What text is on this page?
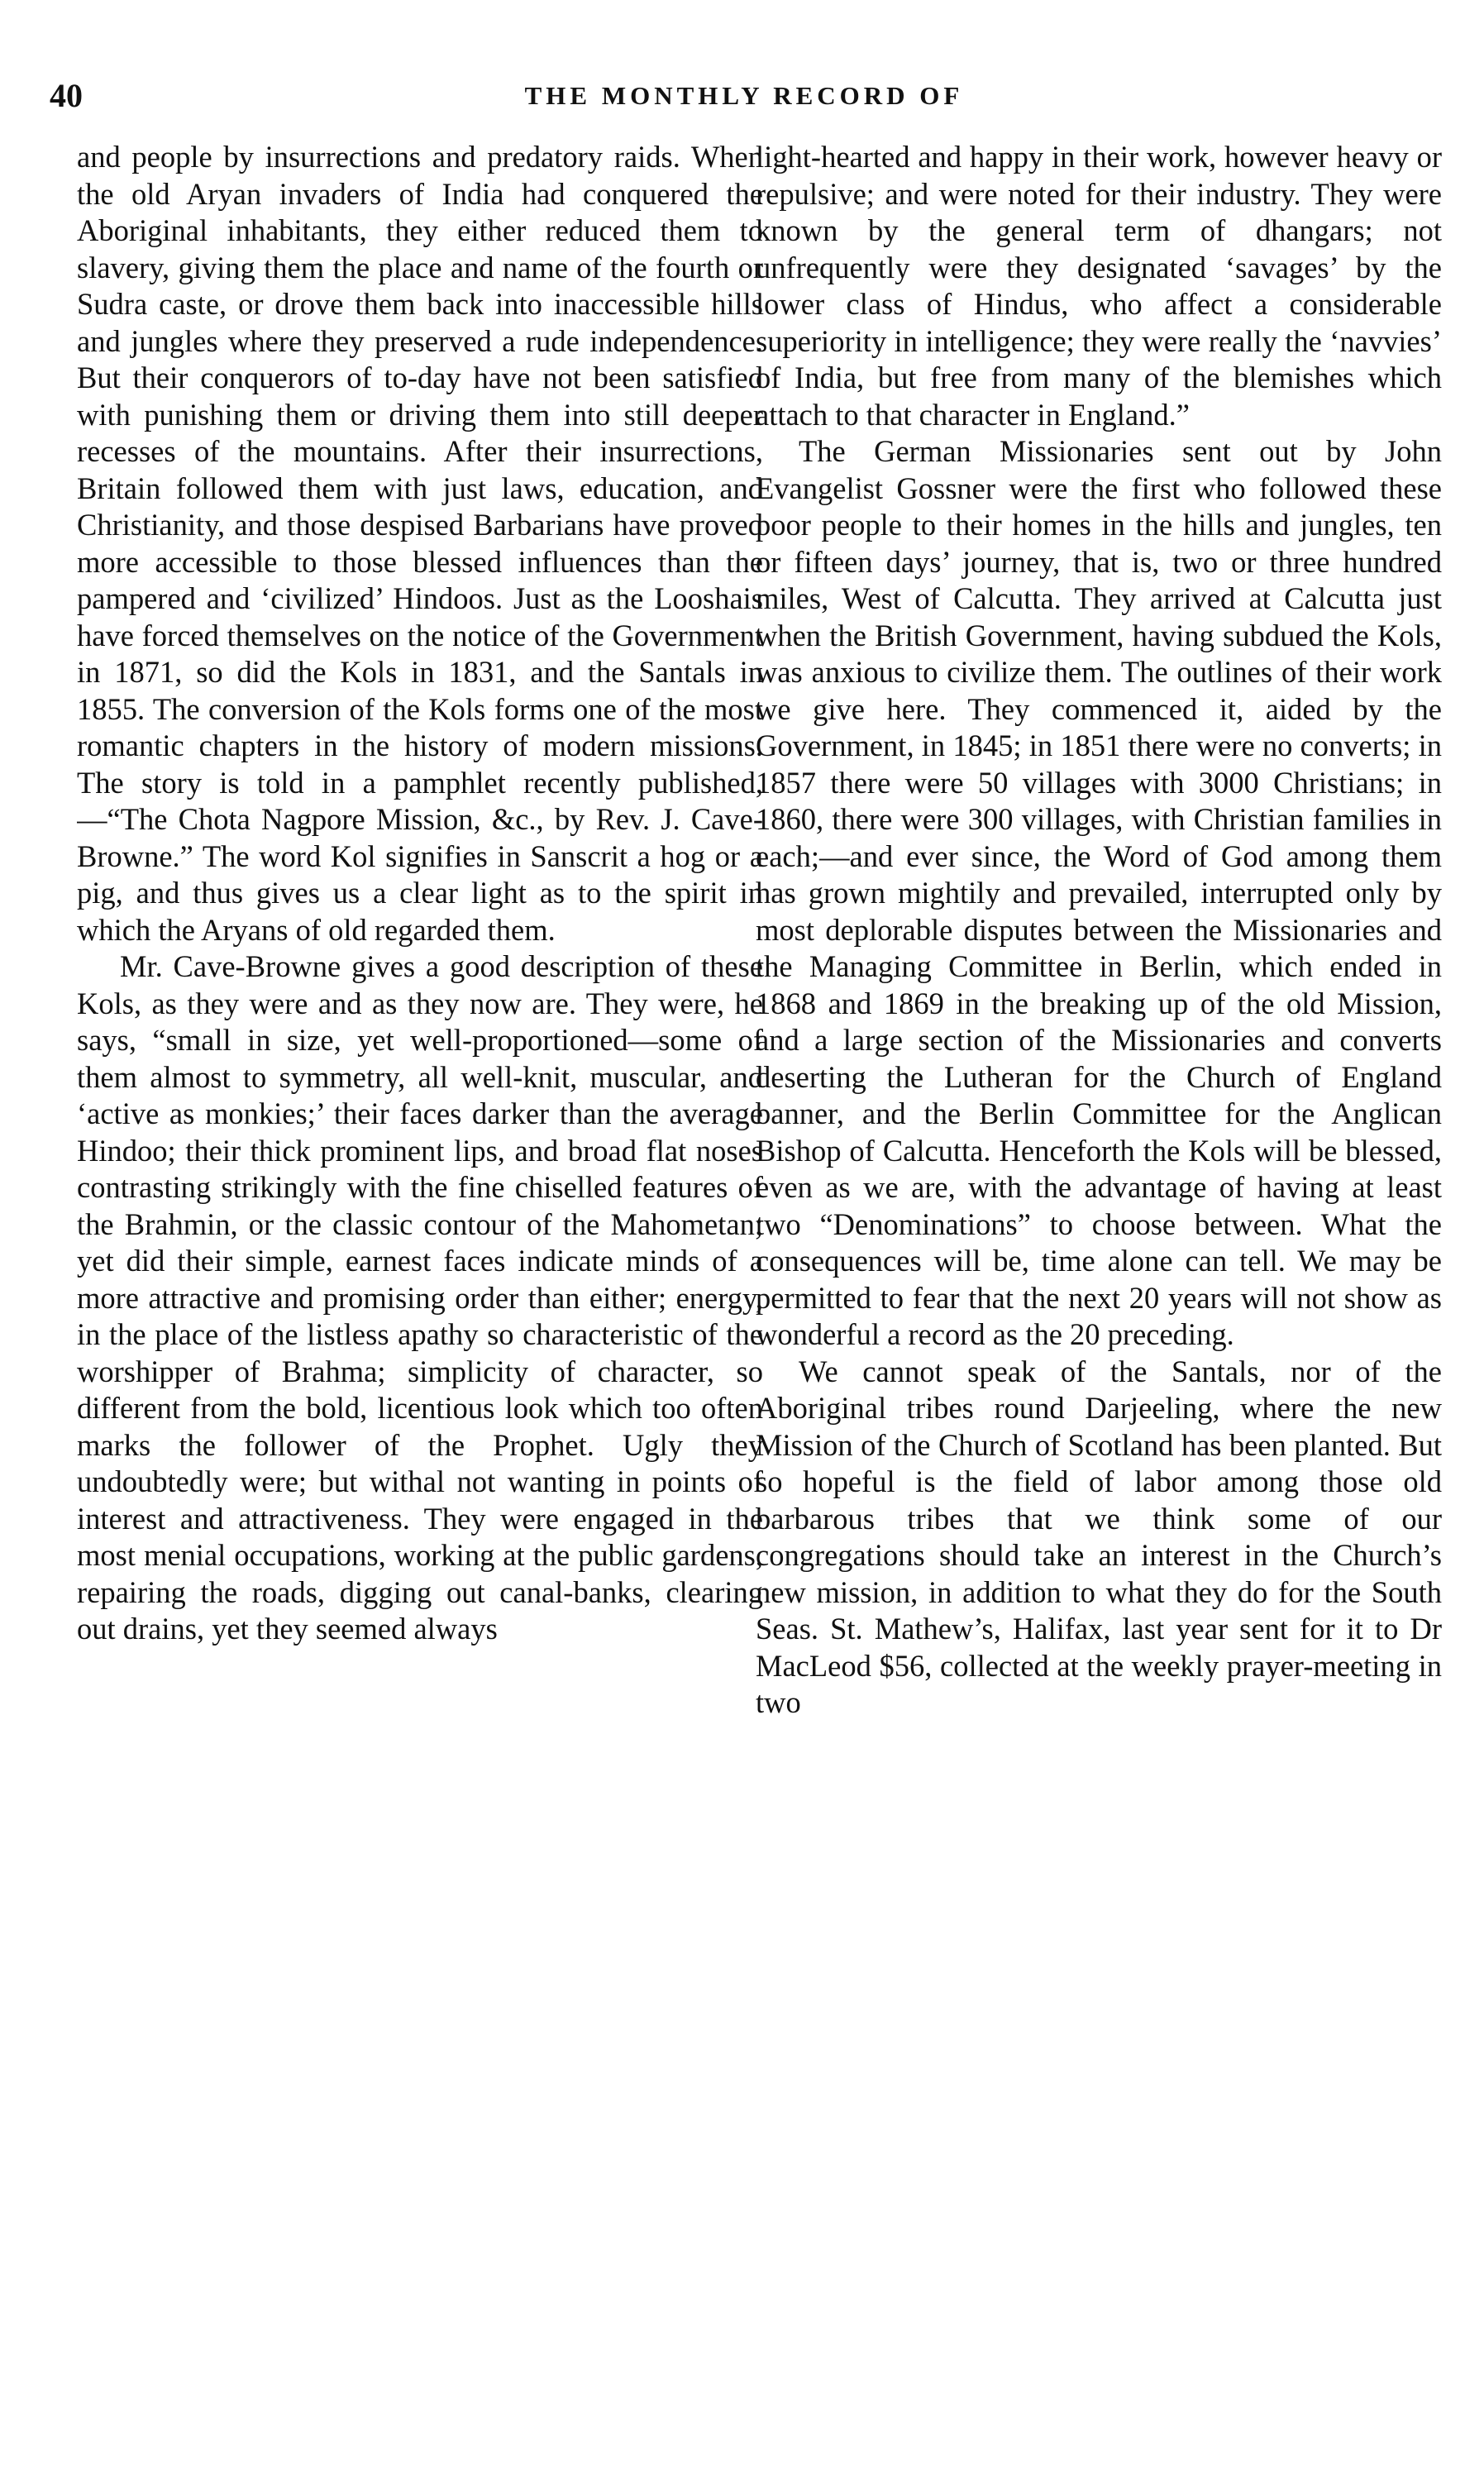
40	THE MONTHLY RECORD OF

and people by insurrections and predatory raids. When the old Aryan invaders of India had conquered the Aboriginal inhabitants, they either reduced them to slavery, giving them the place and name of the fourth or Sudra caste, or drove them back into inaccessible hills and jungles where they preserved a rude independence. But their conquerors of to-day have not been satisfied with punishing them or driving them into still deeper recesses of the mountains. After their insurrections, Britain followed them with just laws, education, and Christianity, and those despised Barbarians have proved more accessible to those blessed influences than the pampered and ‘civilized’ Hindoos. Just as the Looshais have forced themselves on the notice of the Government in 1871, so did the Kols in 1831, and the Santals in 1855. The conversion of the Kols forms one of the most romantic chapters in the history of modern missions. The story is told in a pamphlet recently published,—“The Chota Nagpore Mission, &c., by Rev. J. Cave-Browne.” The word Kol signifies in Sanscrit a hog or a pig, and thus gives us a clear light as to the spirit in which the Aryans of old regarded them.

Mr. Cave-Browne gives a good description of these Kols, as they were and as they now are. They were, he says, “small in size, yet well-proportioned—some of them almost to symmetry, all well-knit, muscular, and ‘active as monkies;’ their faces darker than the average Hindoo; their thick prominent lips, and broad flat noses contrasting strikingly with the fine chiselled features of the Brahmin, or the classic contour of the Mahometan; yet did their simple, earnest faces indicate minds of a more attractive and promising order than either; energy, in the place of the listless apathy so characteristic of the worshipper of Brahma; simplicity of character, so different from the bold, licentious look which too often marks the follower of the Prophet. Ugly they undoubtedly were; but withal not wanting in points of interest and attractiveness. They were engaged in the most menial occupations, working at the public gardens, repairing the roads, digging out canal-banks, clearing out drains, yet they seemed always

light-hearted and happy in their work, however heavy or repulsive; and were noted for their industry. They were known by the general term of dhangars; not unfrequently were they designated ‘savages’ by the lower class of Hindus, who affect a considerable superiority in intelligence; they were really the ‘navvies’ of India, but free from many of the blemishes which attach to that character in England.”

The German Missionaries sent out by John Evangelist Gossner were the first who followed these poor people to their homes in the hills and jungles, ten or fifteen days’ journey, that is, two or three hundred miles, West of Calcutta. They arrived at Calcutta just when the British Government, having subdued the Kols, was anxious to civilize them. The outlines of their work we give here. They commenced it, aided by the Government, in 1845; in 1851 there were no converts; in 1857 there were 50 villages with 3000 Christians; in 1860, there were 300 villages, with Christian families in each;—and ever since, the Word of God among them has grown mightily and prevailed, interrupted only by most deplorable disputes between the Missionaries and the Managing Committee in Berlin, which ended in 1868 and 1869 in the breaking up of the old Mission, and a large section of the Missionaries and converts deserting the Lutheran for the Church of England banner, and the Berlin Committee for the Anglican Bishop of Calcutta. Henceforth the Kols will be blessed, even as we are, with the advantage of having at least two “Denominations” to choose between. What the consequences will be, time alone can tell. We may be permitted to fear that the next 20 years will not show as wonderful a record as the 20 preceding.

We cannot speak of the Santals, nor of the Aboriginal tribes round Darjeeling, where the new Mission of the Church of Scotland has been planted. But so hopeful is the field of labor among those old barbarous tribes that we think some of our congregations should take an interest in the Church’s new mission, in addition to what they do for the South Seas. St. Mathew’s, Halifax, last year sent for it to Dr MacLeod $56, collected at the weekly prayer-meeting in two
